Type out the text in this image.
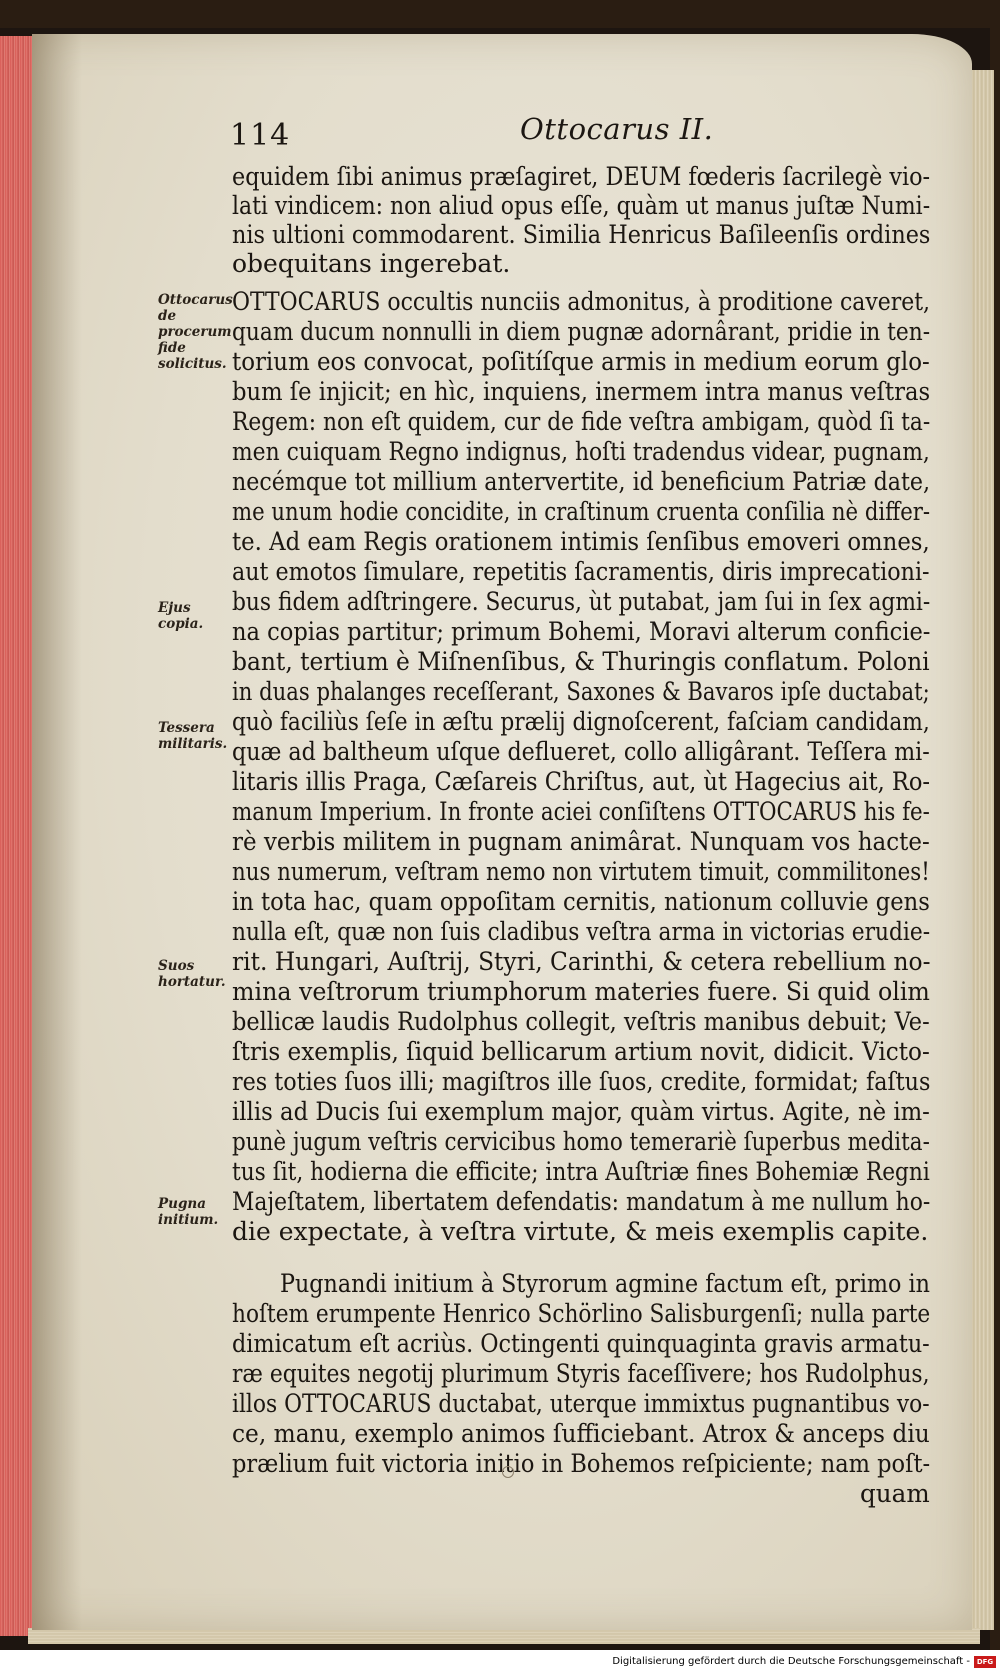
114	Ottocarus II.
Ottocarus de procerum fide solicitus.
Ejus copia.
Tessera militaris.
Suos hortatur.
Pugna initium.
equidem ſibi animus præſagiret, DEUM fœderis ſacrilegè vio-
lati vindicem: non aliud opus eſſe, quàm ut manus juſtæ Numi-
nis ultioni commodarent. Similia Henricus Baſileenſis ordines
obequitans ingerebat.
OTTOCARUS occultis nunciis admonitus, à proditione caveret,
quam ducum nonnulli in diem pugnæ adornârant, pridie in ten-
torium eos convocat, poſitíſque armis in medium eorum glo-
bum ſe injicit; en hìc, inquiens, inermem intra manus veſtras
Regem: non eſt quidem, cur de fide veſtra ambigam, quòd ſi ta-
men cuiquam Regno indignus, hoſti tradendus videar, pugnam,
necémque tot millium antervertite, id beneficium Patriæ date,
me unum hodie concidite, in craſtinum cruenta conſilia nè differ-
te. Ad eam Regis orationem intimis ſenſibus emoveri omnes,
aut emotos ſimulare, repetitis ſacramentis, diris imprecationi-
bus fidem adſtringere. Securus, ùt putabat, jam ſui in ſex agmi-
na copias partitur; primum Bohemi, Moravi alterum conficie-
bant, tertium è Miſnenſibus, & Thuringis conflatum. Poloni
in duas phalanges receſſerant, Saxones & Bavaros ipſe ductabat;
quò faciliùs ſeſe in æſtu prælij dignoſcerent, faſciam candidam,
quæ ad baltheum uſque deflueret, collo alligârant. Teſſera mi-
litaris illis Praga, Cæſareis Chriſtus, aut, ùt Hagecius ait, Ro-
manum Imperium. In fronte aciei conſiſtens OTTOCARUS his fe-
rè verbis militem in pugnam animârat. Nunquam vos hacte-
nus numerum, veſtram nemo non virtutem timuit, commilitones!
in tota hac, quam oppoſitam cernitis, nationum colluvie gens
nulla eſt, quæ non ſuis cladibus veſtra arma in victorias erudie-
rit. Hungari, Auſtrij, Styri, Carinthi, & cetera rebellium no-
mina veſtrorum triumphorum materies fuere. Si quid olim
bellicæ laudis Rudolphus collegit, veſtris manibus debuit; Ve-
ſtris exemplis, ſiquid bellicarum artium novit, didicit. Victo-
res toties ſuos illi; magiſtros ille ſuos, credite, formidat; faſtus
illis ad Ducis ſui exemplum major, quàm virtus. Agite, nè im-
punè jugum veſtris cervicibus homo temerariè ſuperbus medita-
tus ſit, hodierna die efficite; intra Auſtriæ fines Bohemiæ Regni
Majeſtatem, libertatem defendatis: mandatum à me nullum ho-
die expectate, à veſtra virtute, & meis exemplis capite.
Pugnandi initium à Styrorum agmine factum eſt, primo in
hoſtem erumpente Henrico Schörlino Salisburgenſi; nulla parte
dimicatum eſt acriùs. Octingenti quinquaginta gravis armatu-
ræ equites negotij plurimum Styris faceſſivere; hos Rudolphus,
illos OTTOCARUS ductabat, uterque immixtus pugnantibus vo-
ce, manu, exemplo animos ſufficiebant. Atrox & anceps diu
prælium fuit victoria initio in Bohemos reſpiciente; nam poſt-
quam
Digitalisierung gefördert durch die Deutsche Forschungsgemeinschaft - DFG
